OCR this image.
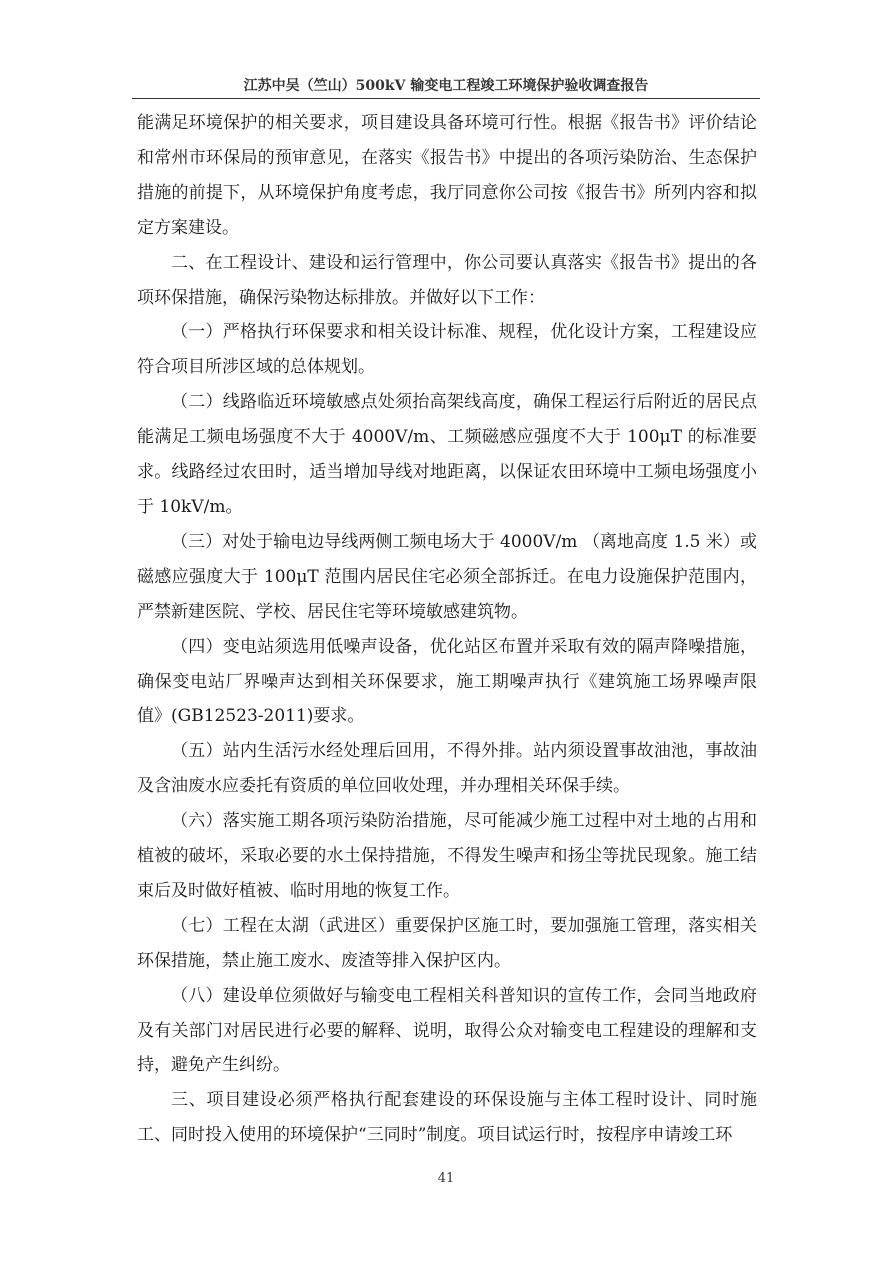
江苏中吴（竺山）500kV 输变电工程竣工环境保护验收调查报告

能满足环境保护的相关要求，项目建设具备环境可行性。根据《报告书》评价结论和常州市环保局的预审意见，在落实《报告书》中提出的各项污染防治、生态保护措施的前提下，从环境保护角度考虑，我厅同意你公司按《报告书》所列内容和拟定方案建设。

二、在工程设计、建设和运行管理中，你公司要认真落实《报告书》提出的各项环保措施，确保污染物达标排放。并做好以下工作：

（一）严格执行环保要求和相关设计标准、规程，优化设计方案，工程建设应符合项目所涉区域的总体规划。

（二）线路临近环境敏感点处须抬高架线高度，确保工程运行后附近的居民点能满足工频电场强度不大于 4000V/m、工频磁感应强度不大于 100μT 的标准要求。线路经过农田时，适当增加导线对地距离，以保证农田环境中工频电场强度小于 10kV/m。

（三）对处于输电边导线两侧工频电场大于 4000V/m （离地高度 1.5 米）或磁感应强度大于 100μT 范围内居民住宅必须全部拆迁。在电力设施保护范围内，严禁新建医院、学校、居民住宅等环境敏感建筑物。

（四）变电站须选用低噪声设备，优化站区布置并采取有效的隔声降噪措施，确保变电站厂界噪声达到相关环保要求，施工期噪声执行《建筑施工场界噪声限值》(GB12523-2011)要求。

（五）站内生活污水经处理后回用，不得外排。站内须设置事故油池，事故油及含油废水应委托有资质的单位回收处理，并办理相关环保手续。

（六）落实施工期各项污染防治措施，尽可能减少施工过程中对土地的占用和植被的破坏，采取必要的水土保持措施，不得发生噪声和扬尘等扰民现象。施工结束后及时做好植被、临时用地的恢复工作。

（七）工程在太湖（武进区）重要保护区施工时，要加强施工管理，落实相关环保措施，禁止施工废水、废渣等排入保护区内。

（八）建设单位须做好与输变电工程相关科普知识的宣传工作，会同当地政府及有关部门对居民进行必要的解释、说明，取得公众对输变电工程建设的理解和支持，避免产生纠纷。

三、项目建设必须严格执行配套建设的环保设施与主体工程时设计、同时施工、同时投入使用的环境保护“三同时”制度。项目试运行时，按程序申请竣工环

41
